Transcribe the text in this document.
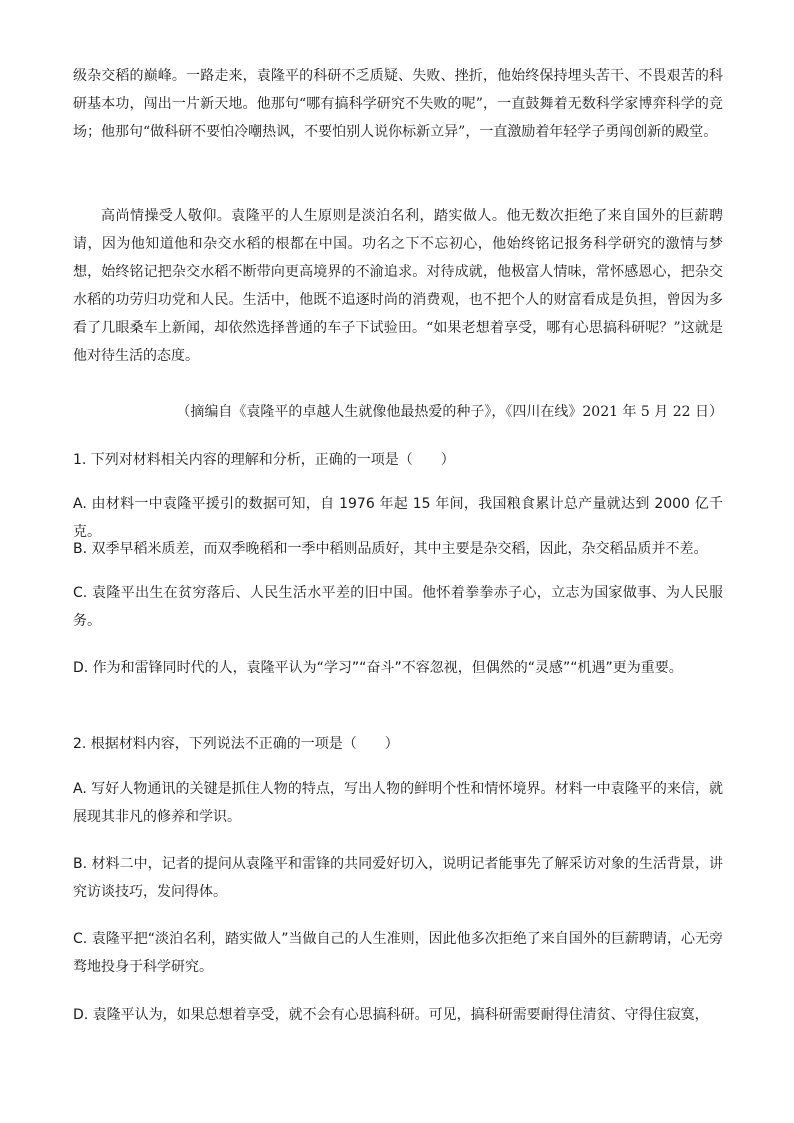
级杂交稻的巅峰。一路走来，袁隆平的科研不乏质疑、失败、挫折，他始终保持埋头苦干、不畏艰苦的科研基本功，闯出一片新天地。他那句“哪有搞科学研究不失败的呢”，一直鼓舞着无数科学家博弈科学的竞场；他那句“做科研不要怕冷嘲热讽，不要怕别人说你标新立异”，一直激励着年轻学子勇闯创新的殿堂。

高尚情操受人敬仰。袁隆平的人生原则是淡泊名利，踏实做人。他无数次拒绝了来自国外的巨薪聘请，因为他知道他和杂交水稻的根都在中国。功名之下不忘初心，他始终铭记报务科学研究的激情与梦想，始终铭记把杂交水稻不断带向更高境界的不渝追求。对待成就，他极富人情味，常怀感恩心，把杂交水稻的功劳归功党和人民。生活中，他既不追逐时尚的消费观，也不把个人的财富看成是负担，曾因为多看了几眼桑车上新闻，却依然选择普通的车子下试验田。“如果老想着享受，哪有心思搞科研呢？”这就是他对待生活的态度。

（摘编自《袁隆平的卓越人生就像他最热爱的种子》，《四川在线》2021 年 5 月 22 日）

1. 下列对材料相关内容的理解和分析，正确的一项是（　　）

A. 由材料一中袁隆平援引的数据可知，自 1976 年起 15 年间，我国粮食累计总产量就达到 2000 亿千克。

B. 双季早稻米质差，而双季晚稻和一季中稻则品质好，其中主要是杂交稻，因此，杂交稻品质并不差。

C. 袁隆平出生在贫穷落后、人民生活水平差的旧中国。他怀着拳拳赤子心，立志为国家做事、为人民服务。

D. 作为和雷锋同时代的人，袁隆平认为“学习”“奋斗”不容忽视，但偶然的“灵感”“机遇”更为重要。

2. 根据材料内容，下列说法不正确的一项是（　　）

A. 写好人物通讯的关键是抓住人物的特点，写出人物的鲜明个性和情怀境界。材料一中袁隆平的来信，就展现其非凡的修养和学识。

B. 材料二中，记者的提问从袁隆平和雷锋的共同爱好切入，说明记者能事先了解采访对象的生活背景，讲究访谈技巧，发问得体。

C. 袁隆平把“淡泊名利，踏实做人”当做自己的人生准则，因此他多次拒绝了来自国外的巨薪聘请，心无旁骛地投身于科学研究。

D. 袁隆平认为，如果总想着享受，就不会有心思搞科研。可见，搞科研需要耐得住清贫、守得住寂寞，
